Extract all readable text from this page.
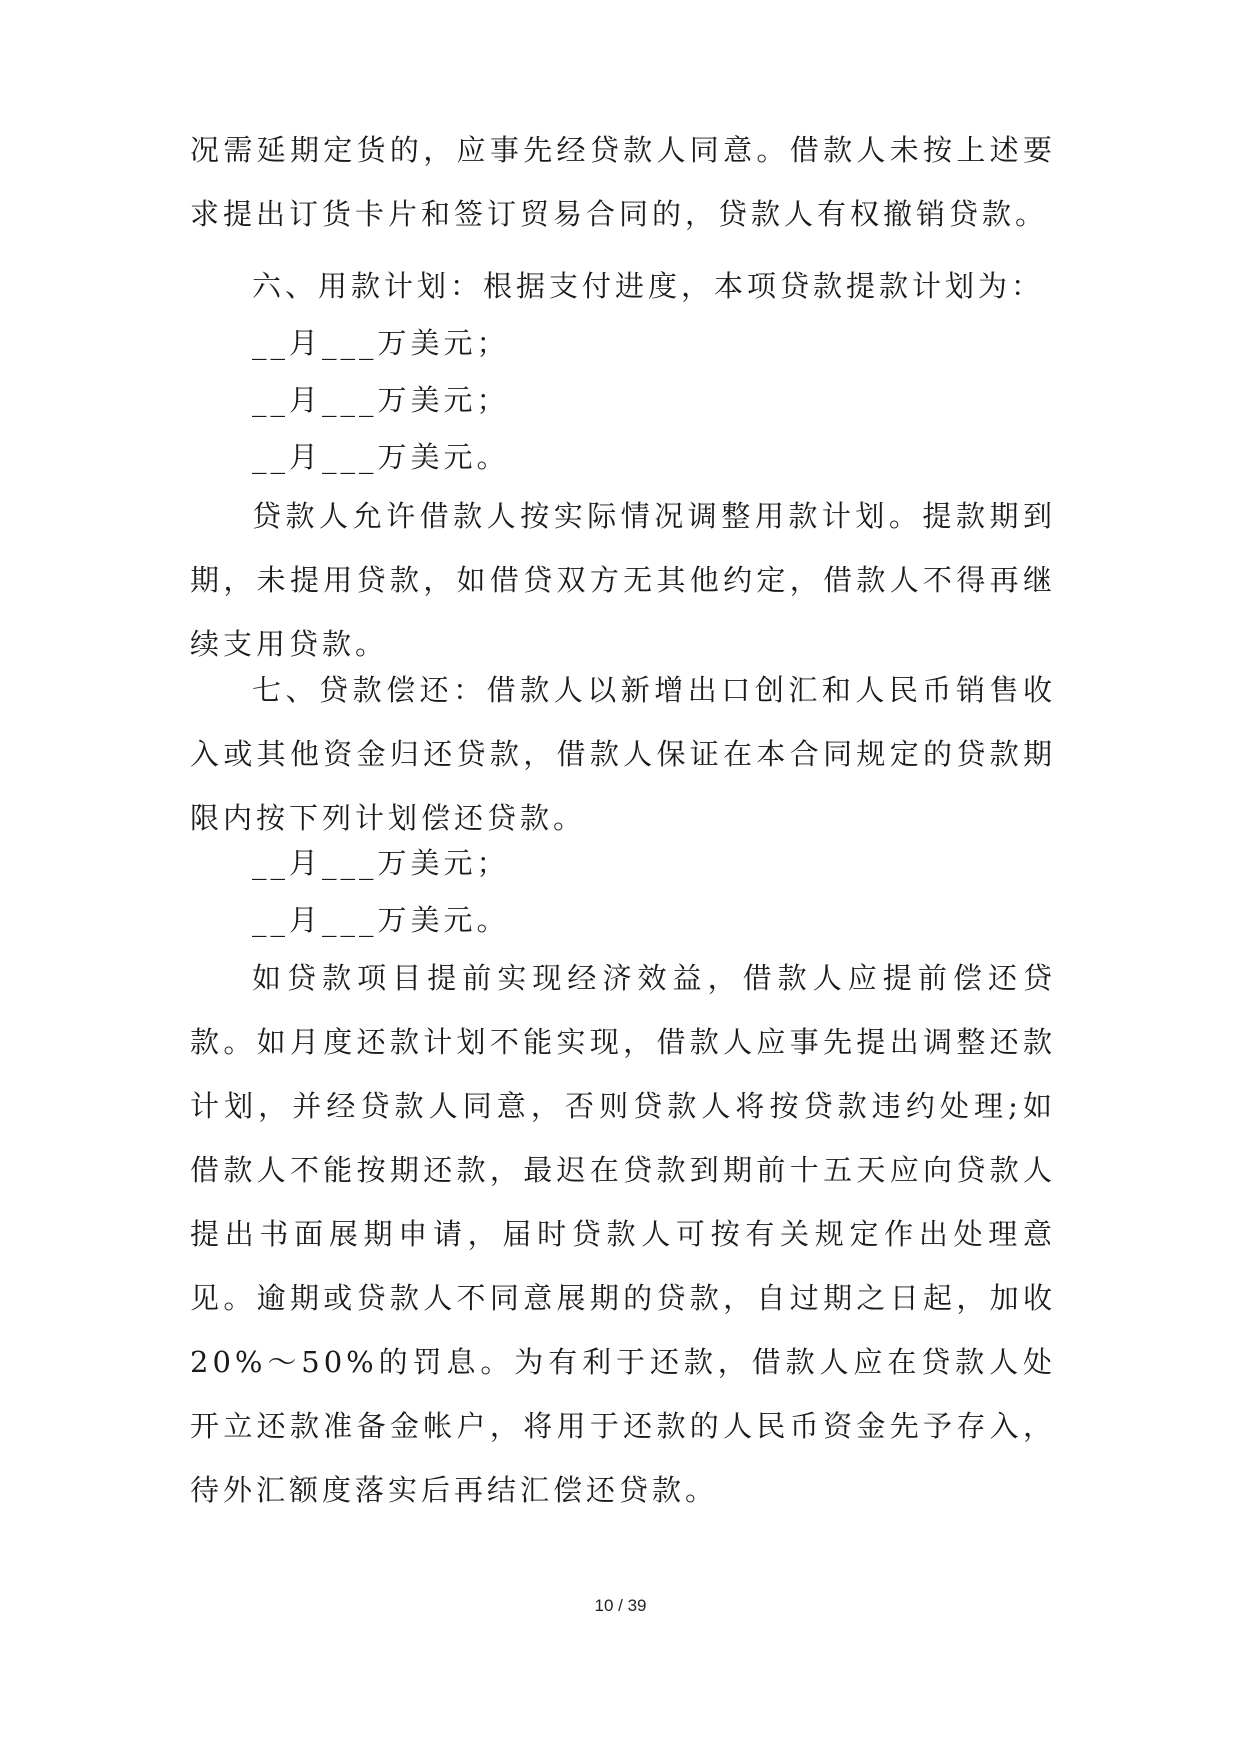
况需延期定货的，应事先经贷款人同意。借款人未按上述要求提出订货卡片和签订贸易合同的，贷款人有权撤销贷款。

六、用款计划：根据支付进度，本项贷款提款计划为：

__月___万美元；

__月___万美元；

__月___万美元。

贷款人允许借款人按实际情况调整用款计划。提款期到期，未提用贷款，如借贷双方无其他约定，借款人不得再继续支用贷款。

七、贷款偿还：借款人以新增出口创汇和人民币销售收入或其他资金归还贷款，借款人保证在本合同规定的贷款期限内按下列计划偿还贷款。

__月___万美元；

__月___万美元。

如贷款项目提前实现经济效益，借款人应提前偿还贷款。如月度还款计划不能实现，借款人应事先提出调整还款计划，并经贷款人同意，否则贷款人将按贷款违约处理;如借款人不能按期还款，最迟在贷款到期前十五天应向贷款人提出书面展期申请，届时贷款人可按有关规定作出处理意见。逾期或贷款人不同意展期的贷款，自过期之日起，加收20%～50%的罚息。为有利于还款，借款人应在贷款人处开立还款准备金帐户，将用于还款的人民币资金先予存入，待外汇额度落实后再结汇偿还贷款。

10 / 39
